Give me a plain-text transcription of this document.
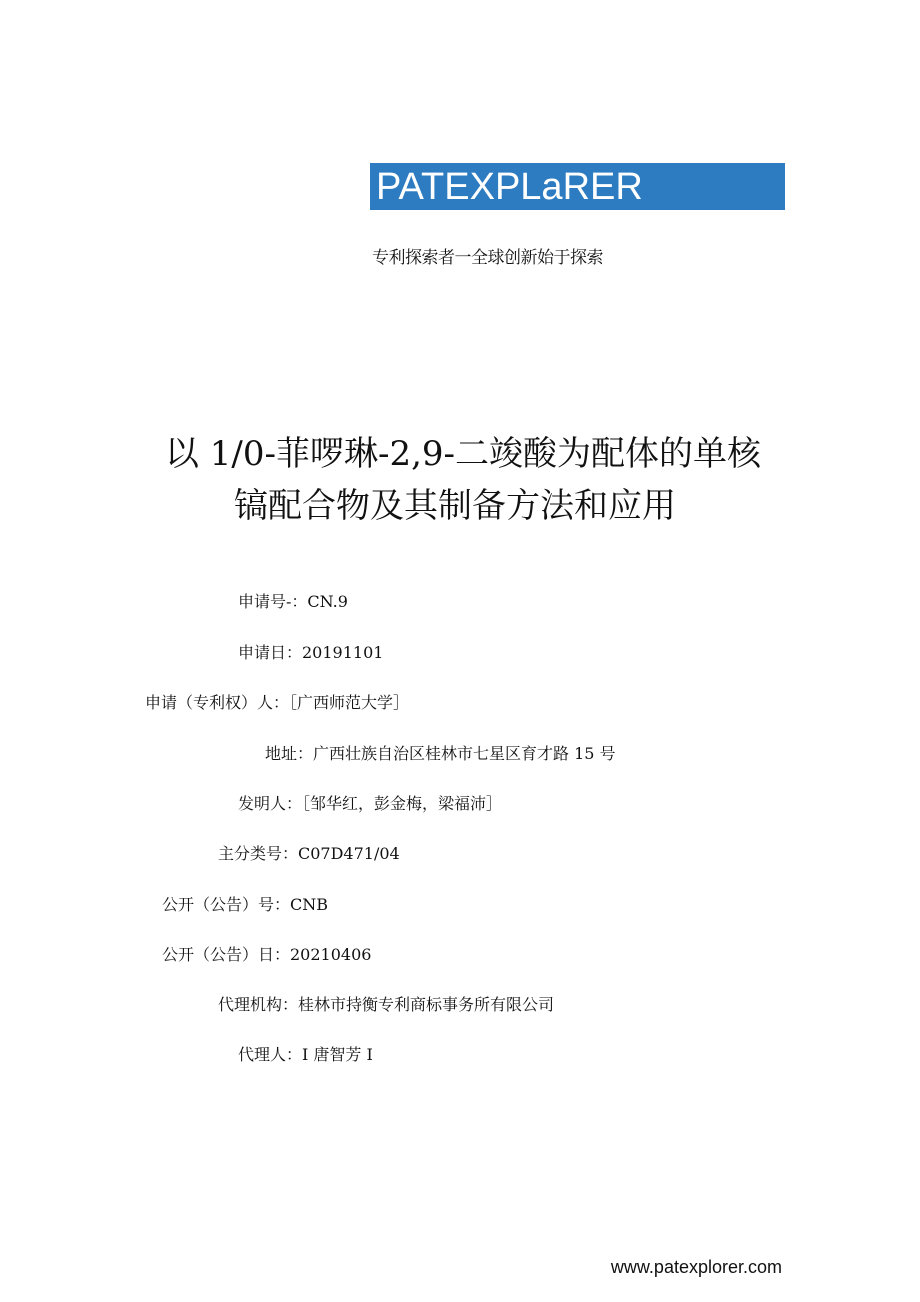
PATEXPLaRER
专利探索者一全球创新始于探索
以 1/0-菲啰琳-2,9-二竣酸为配体的单核
镐配合物及其制备方法和应用
申请号-：CN.9
申请日：20191101
申请（专利权）人：［广西师范大学］
地址：广西壮族自治区桂林市七星区育才路 15 号
发明人：［邹华红，彭金梅，梁福沛］
主分类号：C07D471/04
公开（公告）号：CNB
公开（公告）日：20210406
代理机构：桂林市持衡专利商标事务所有限公司
代理人：I 唐智芳 I
www.patexplorer.com
